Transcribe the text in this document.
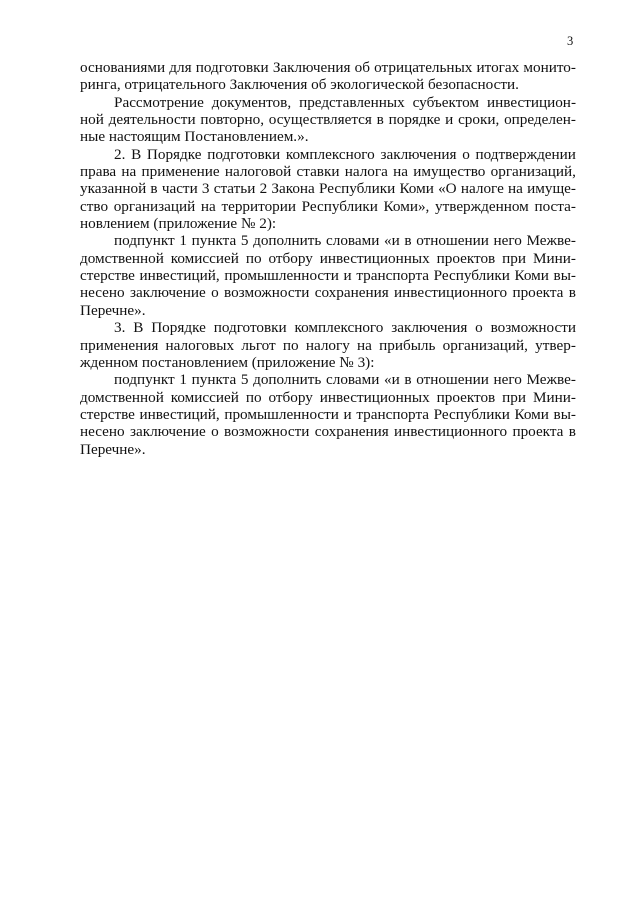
3
основаниями для подготовки Заключения об отрицательных итогах монито-
ринга, отрицательного Заключения об экологической безопасности.
Рассмотрение документов, представленных субъектом инвестицион-
ной деятельности повторно, осуществляется в порядке и сроки, определен-
ные настоящим Постановлением.».
2. В Порядке подготовки комплексного заключения о подтверждении
права на применение налоговой ставки налога на имущество организаций,
указанной в части 3 статьи 2 Закона Республики Коми «О налоге на имуще-
ство организаций на территории Республики Коми», утвержденном поста-
новлением (приложение № 2):
подпункт 1 пункта 5 дополнить словами «и в отношении него Межве-
домственной комиссией по отбору инвестиционных проектов при Мини-
стерстве инвестиций, промышленности и транспорта Республики Коми вы-
несено заключение о возможности сохранения инвестиционного проекта в
Перечне».
3. В Порядке подготовки комплексного заключения о возможности
применения налоговых льгот по налогу на прибыль организаций, утвер-
жденном постановлением (приложение № 3):
подпункт 1 пункта 5 дополнить словами «и в отношении него Межве-
домственной комиссией по отбору инвестиционных проектов при Мини-
стерстве инвестиций, промышленности и транспорта Республики Коми вы-
несено заключение о возможности сохранения инвестиционного проекта в
Перечне».
